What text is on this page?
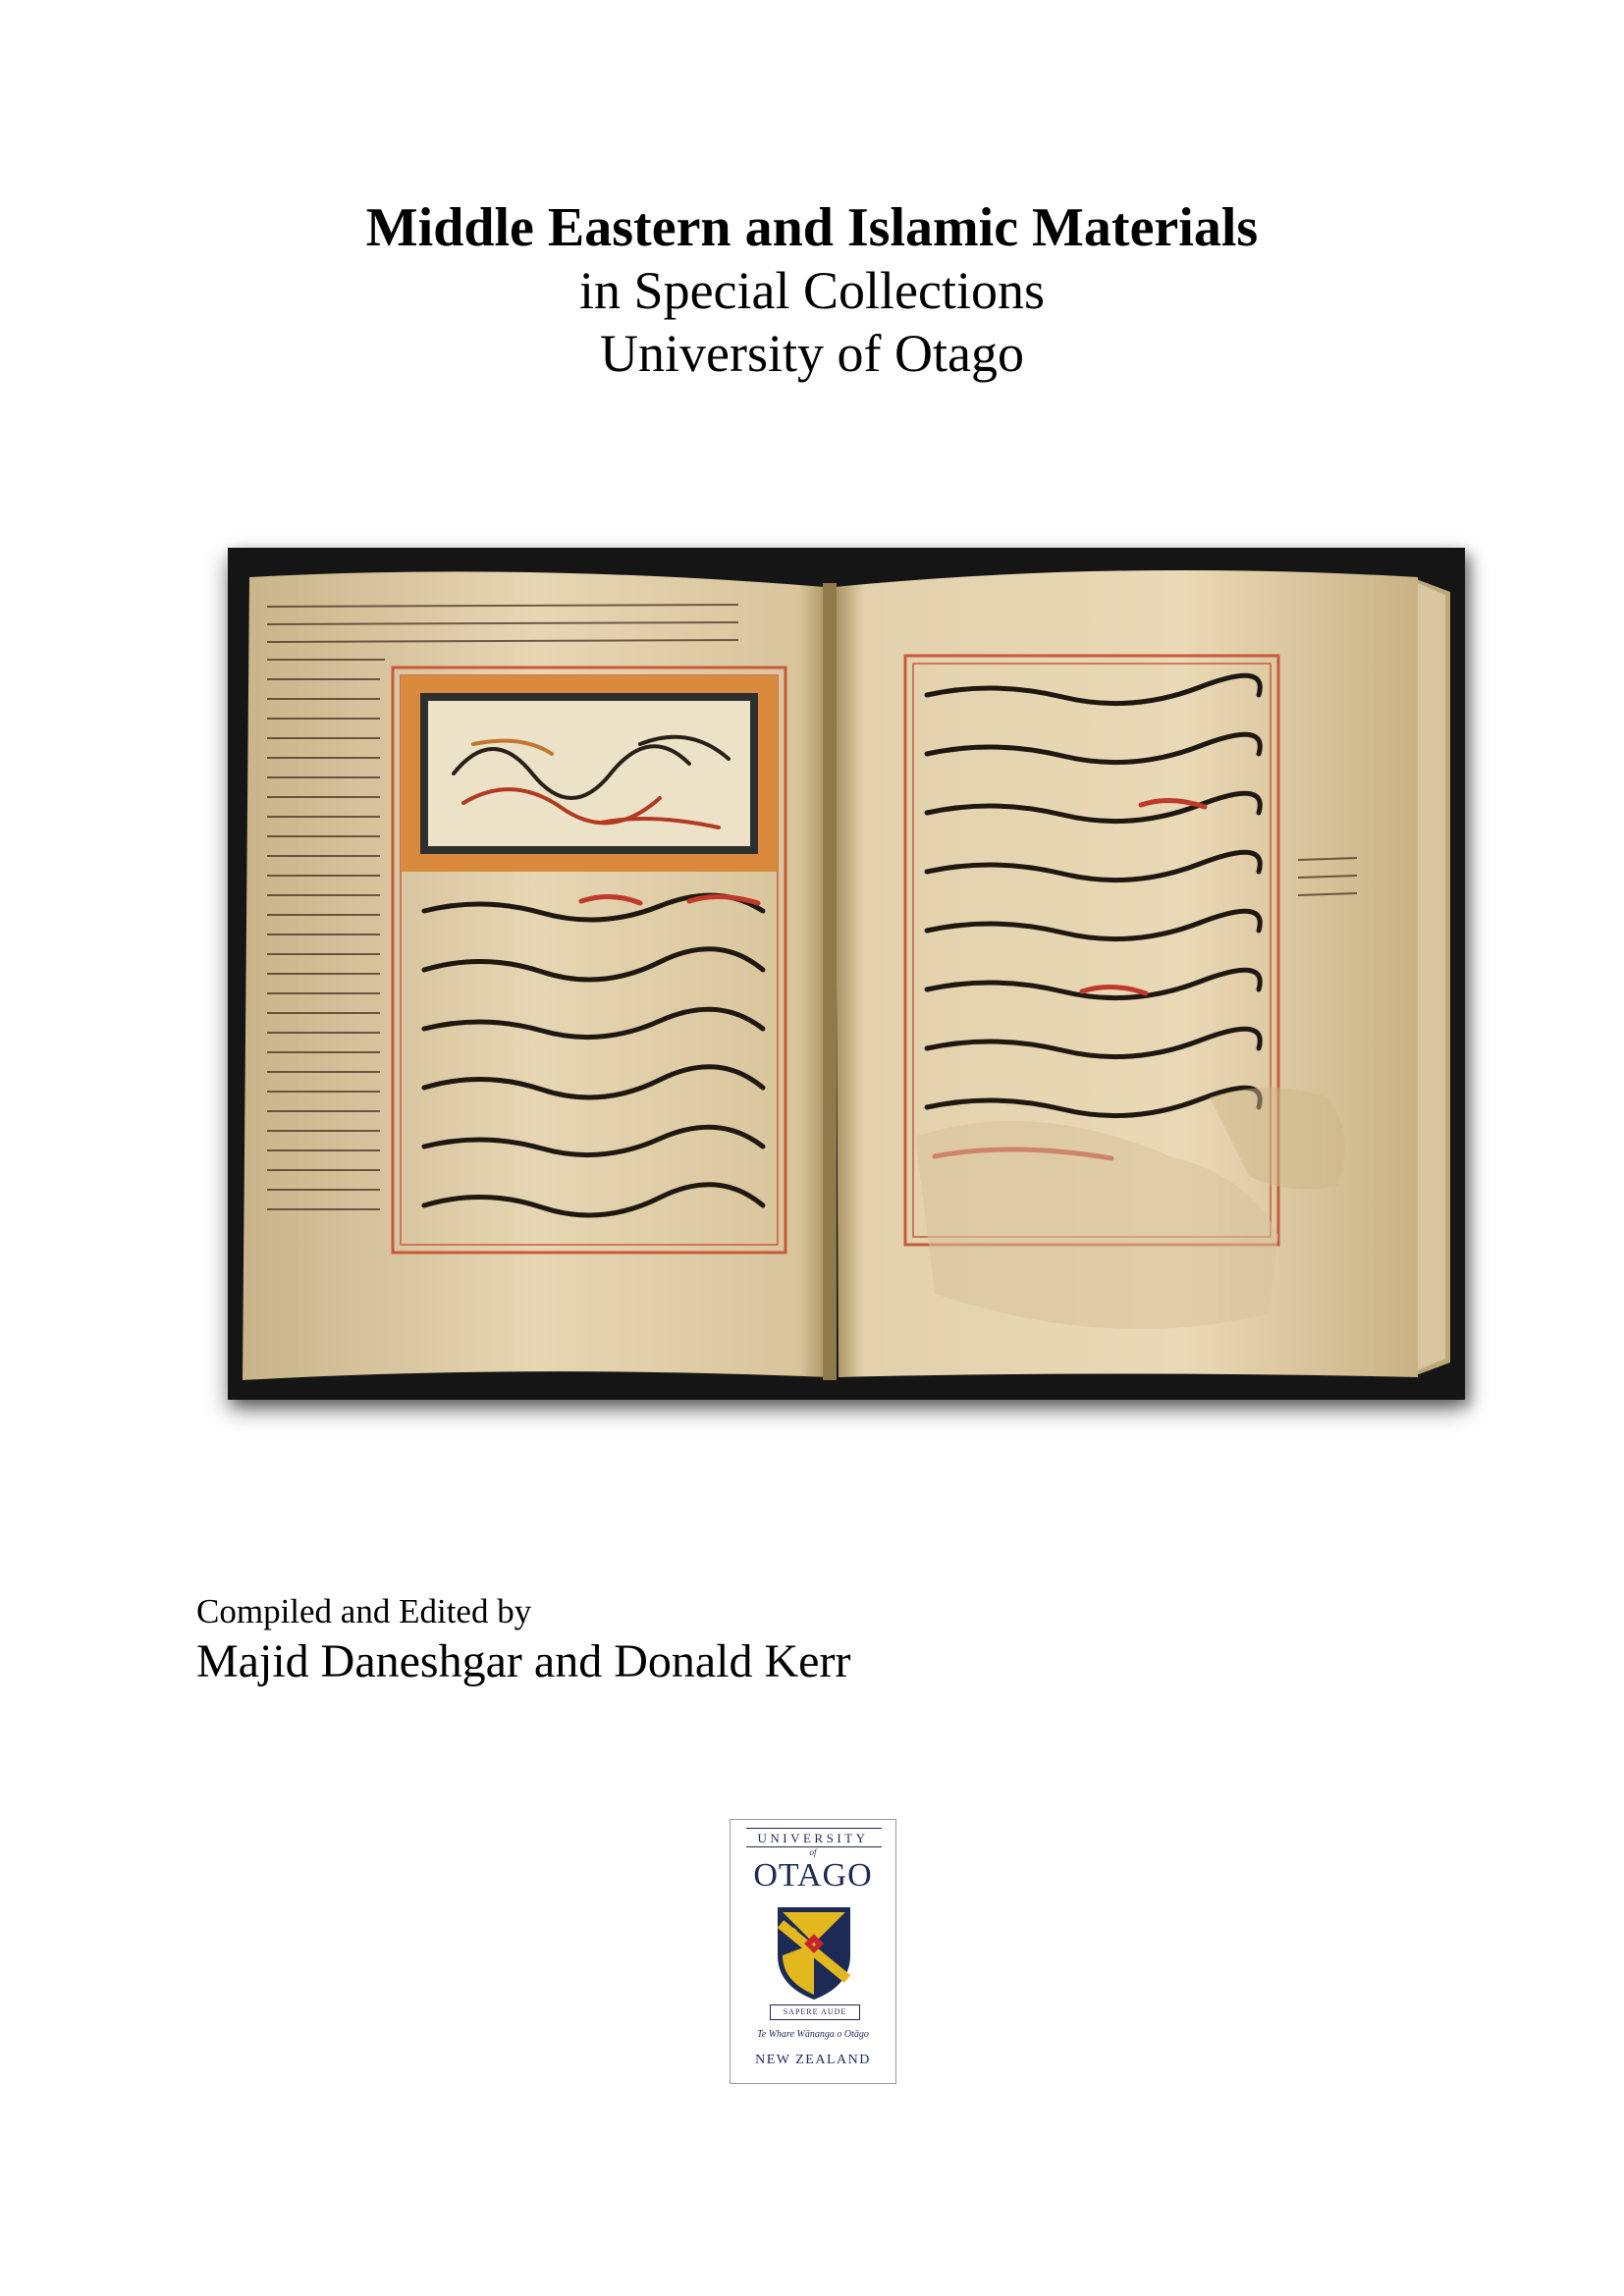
Middle Eastern and Islamic Materials

in Special Collections

University of Otago

Compiled and Edited by

Majid Daneshgar and Donald Kerr

UNIVERSITY
of
OTAGO
✦
✦
✦
SAPERE AUDE
Te Whare Wānanga o Otāgo
NEW ZEALAND
